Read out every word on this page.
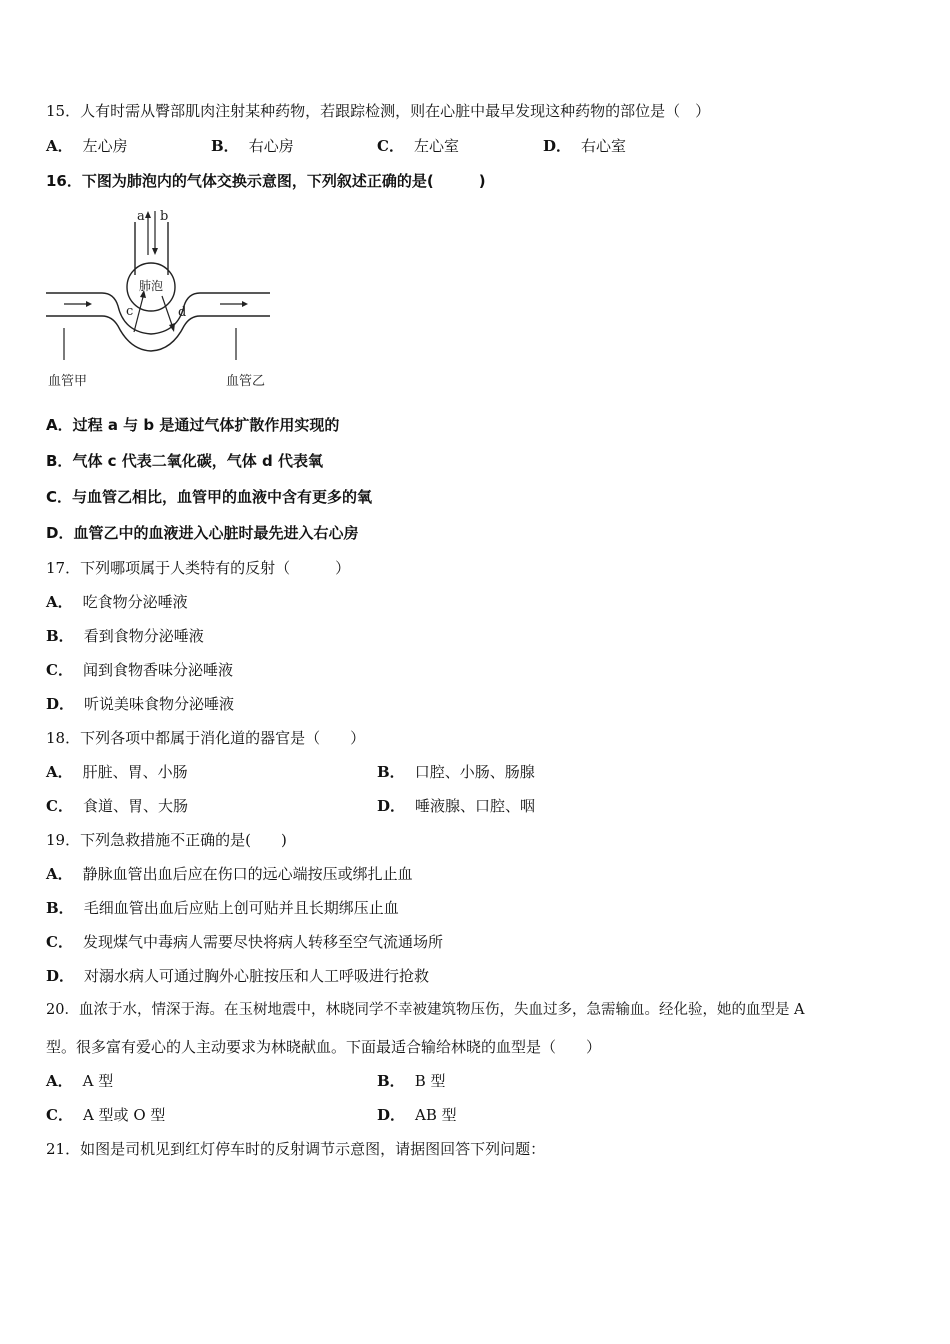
15．人有时需从臀部肌肉注射某种药物，若跟踪检测，则在心脏中最早发现这种药物的部位是（　）
A． 左心房	B． 右心房	C． 左心室	D． 右心室
16．下图为肺泡内的气体交换示意图，下列叙述正确的是(　　　)
a b
c	d
肺泡
血管甲	血管乙
A．过程 a 与 b 是通过气体扩散作用实现的
B．气体 c 代表二氧化碳，气体 d 代表氧
C．与血管乙相比，血管甲的血液中含有更多的氧
D．血管乙中的血液进入心脏时最先进入右心房
17．下列哪项属于人类特有的反射（　　　）
A． 吃食物分泌唾液
B． 看到食物分泌唾液
C． 闻到食物香味分泌唾液
D． 听说美味食物分泌唾液
18．下列各项中都属于消化道的器官是（　　）
A． 肝脏、胃、小肠	B． 口腔、小肠、肠腺
C． 食道、胃、大肠	D． 唾液腺、口腔、咽
19．下列急救措施不正确的是(　　)
A． 静脉血管出血后应在伤口的远心端按压或绑扎止血
B． 毛细血管出血后应贴上创可贴并且长期绑压止血
C． 发现煤气中毒病人需要尽快将病人转移至空气流通场所
D． 对溺水病人可通过胸外心脏按压和人工呼吸进行抢救
20．血浓于水，情深于海。在玉树地震中，林晓同学不幸被建筑物压伤，失血过多，急需输血。经化验，她的血型是 A
型。很多富有爱心的人主动要求为林晓献血。下面最适合输给林晓的血型是（　　）
A． A 型	B． B 型
C． A 型或 O 型	D． AB 型
21．如图是司机见到红灯停车时的反射调节示意图，请据图回答下列问题：
